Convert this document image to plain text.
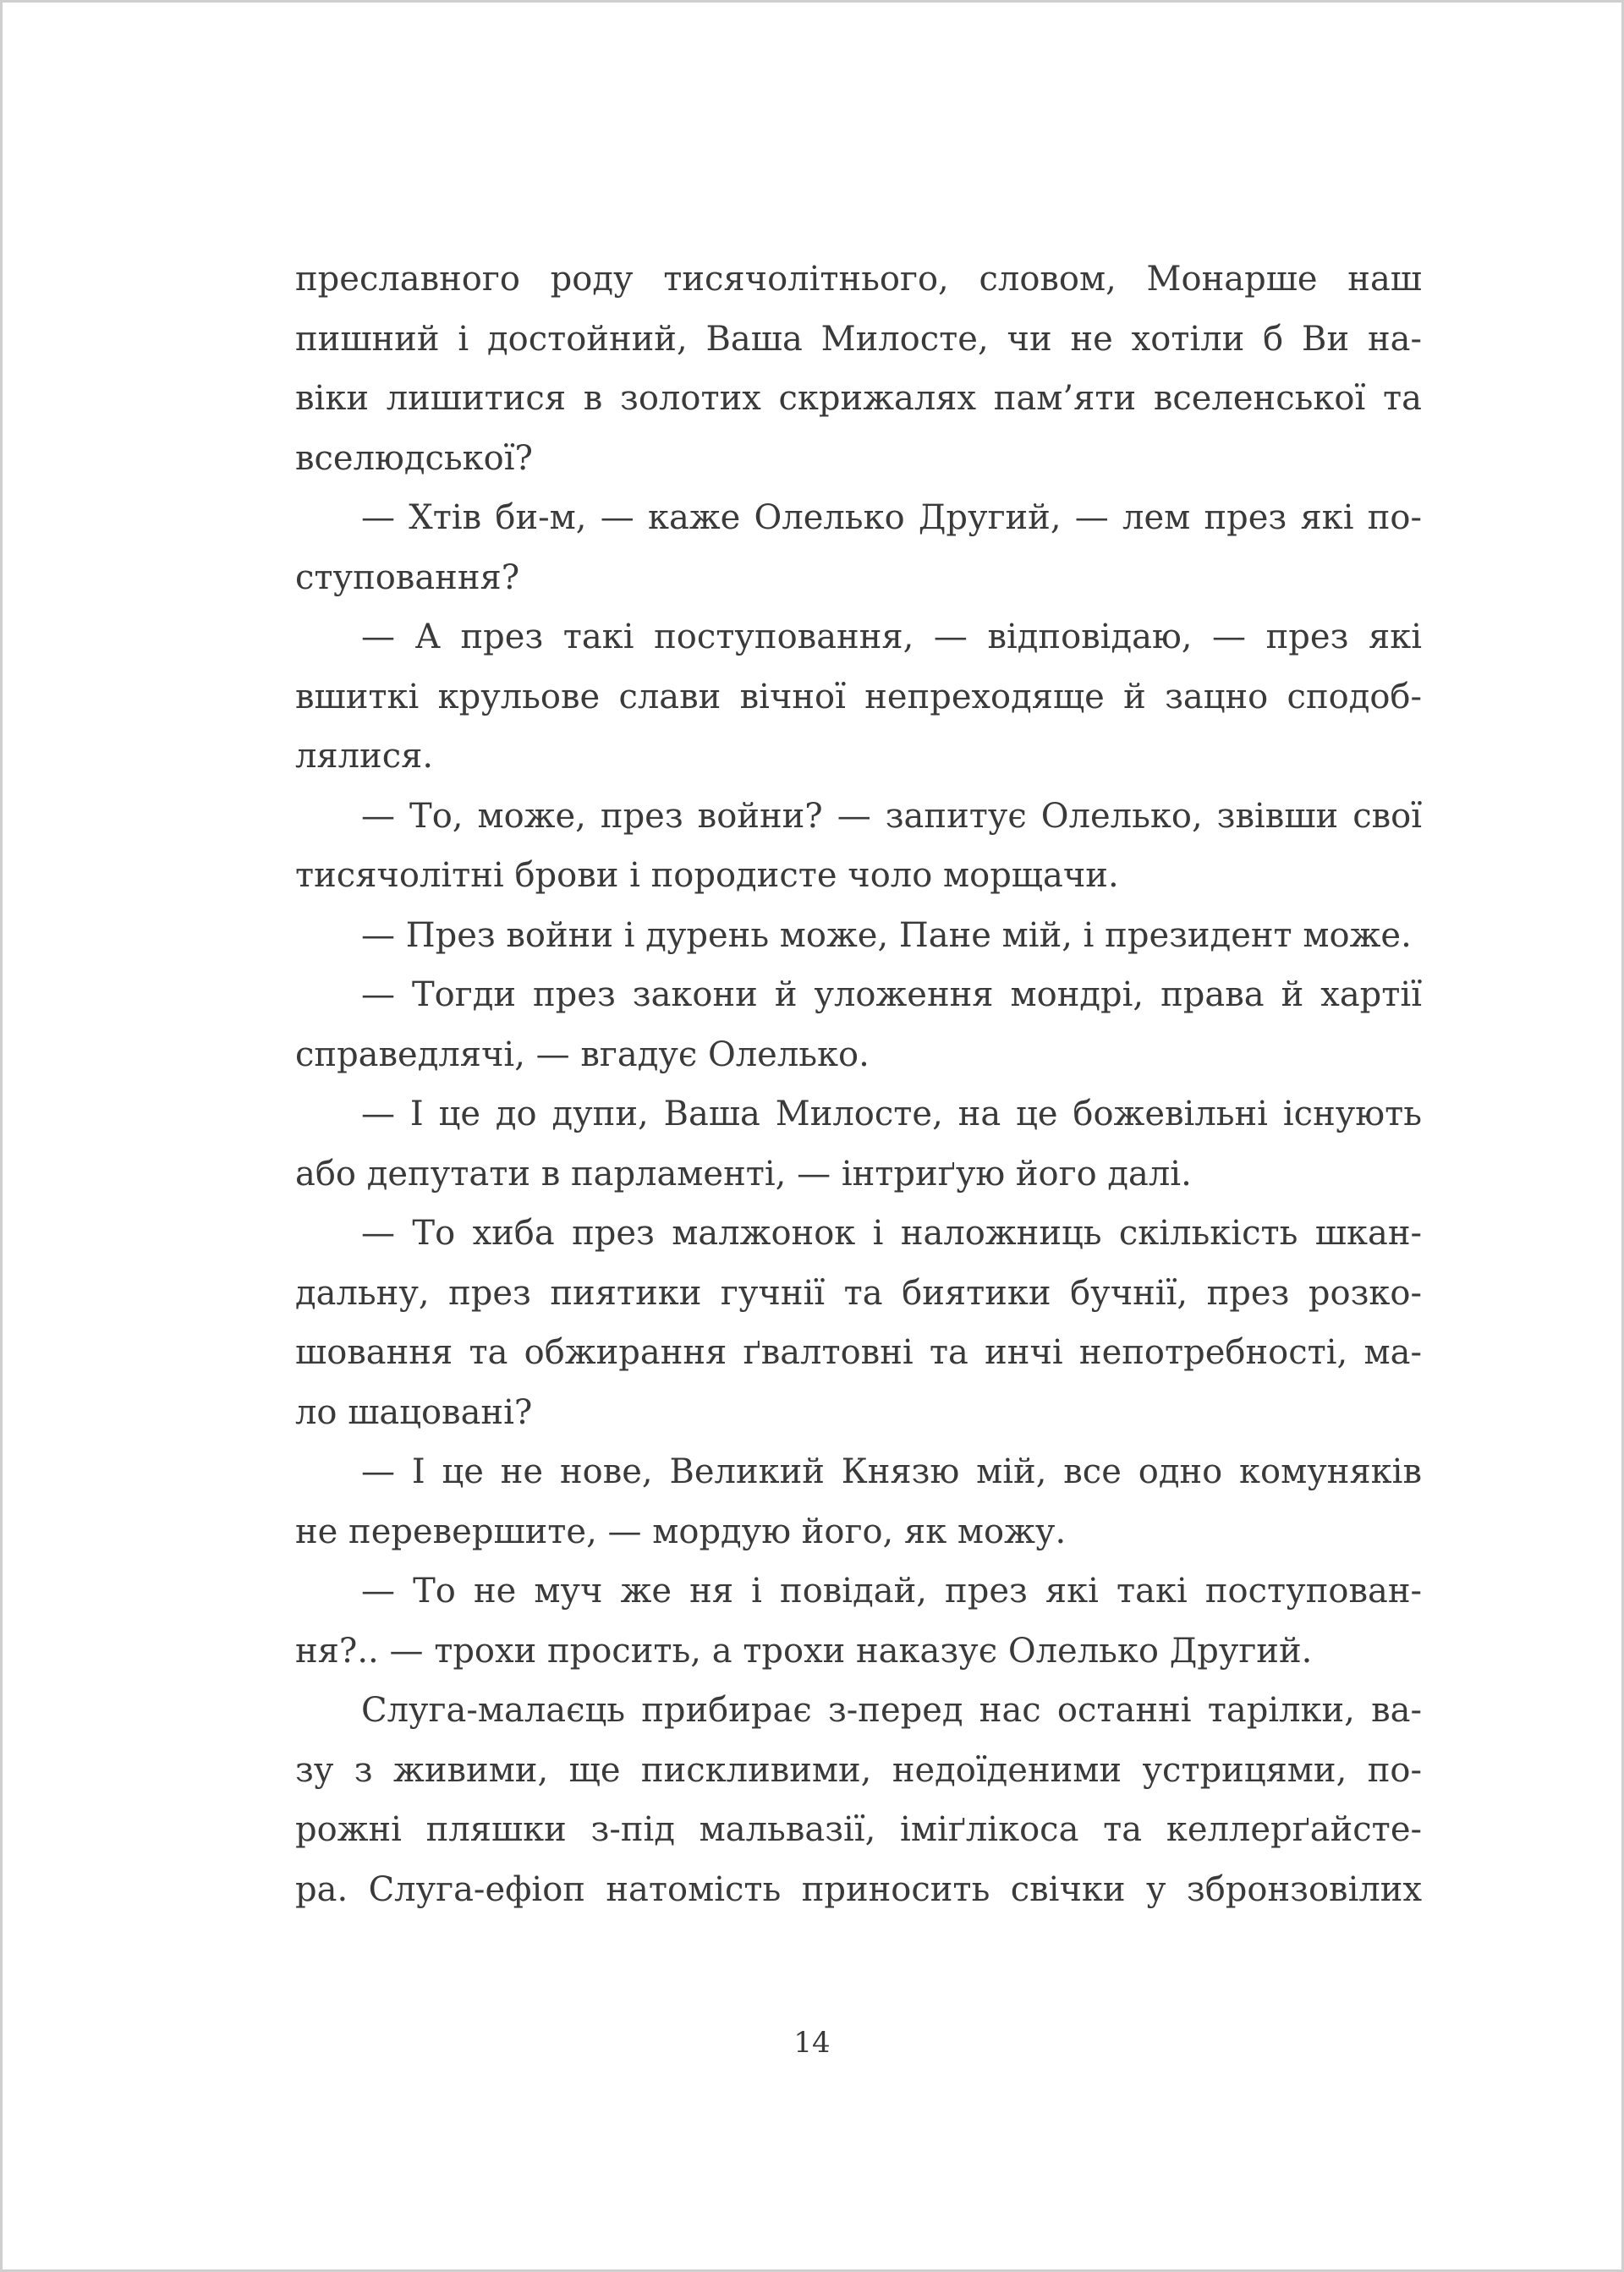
преславного роду тисячолітнього, словом, Монарше наш
пишний і достойний, Ваша Милосте, чи не хотіли б Ви на-
віки лишитися в золотих скрижалях пам’яти вселенської та
вселюдської?
— Хтів би-м, — каже Олелько Другий, — лем през які по-
ступовання?
— А през такі поступовання, — відповідаю, — през які
вшиткі крульове слави вічної непреходяще й зацно сподоб-
лялися.
— То, може, през войни? — запитує Олелько, звівши свої
тисячолітні брови і породисте чоло морщачи.
— През войни і дурень може, Пане мій, і президент може.
— Тогди през закони й уложення мондрі, права й хартії
справедлячі, — вгадує Олелько.
— І це до дупи, Ваша Милосте, на це божевільні існують
або депутати в парламенті, — інтриґую його далі.
— То хиба през малжонок і наложниць скількість шкан-
дальну, през пиятики гучнії та биятики бучнії, през розко-
шовання та обжирання ґвалтовні та инчі непотребності, ма-
ло шацовані?
— І це не нове, Великий Князю мій, все одно комуняків
не перевершите, — мордую його, як можу.
— То не муч же ня і повідай, през які такі поступован-
ня?.. — трохи просить, а трохи наказує Олелько Другий.
Слуга-малаєць прибирає з-перед нас останні тарілки, ва-
зу з живими, ще пискливими, недоїденими устрицями, по-
рожні пляшки з-під мальвазії, іміґлікоса та келлерґайсте-
ра. Слуга-ефіоп натомість приносить свічки у збронзовілих
14
